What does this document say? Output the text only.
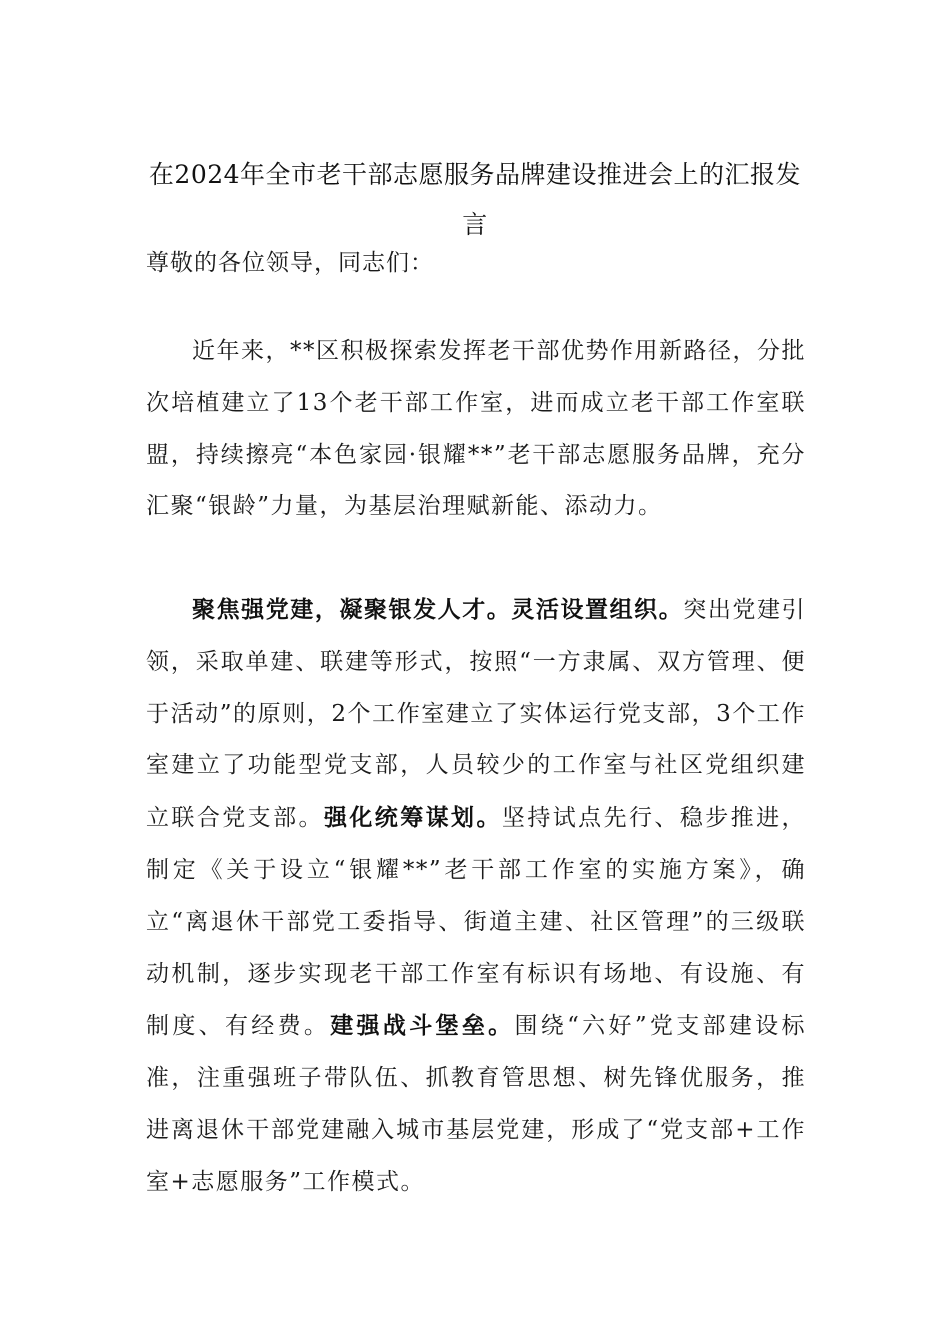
在2024年全市老干部志愿服务品牌建设推进会上的汇报发言
尊敬的各位领导，同志们：
近年来，**区积极探索发挥老干部优势作用新路径，分批次培植建立了13个老干部工作室，进而成立老干部工作室联盟，持续擦亮“本色家园·银耀**”老干部志愿服务品牌，充分汇聚“银龄”力量，为基层治理赋新能、添动力。
聚焦强党建，凝聚银发人才。灵活设置组织。突出党建引领，采取单建、联建等形式，按照“一方隶属、双方管理、便于活动”的原则，2个工作室建立了实体运行党支部，3个工作室建立了功能型党支部，人员较少的工作室与社区党组织建立联合党支部。强化统筹谋划。坚持试点先行、稳步推进，制定《关于设立“银耀**”老干部工作室的实施方案》，确立“离退休干部党工委指导、街道主建、社区管理”的三级联动机制，逐步实现老干部工作室有标识有场地、有设施、有制度、有经费。建强战斗堡垒。围绕“六好”党支部建设标准，注重强班子带队伍、抓教育管思想、树先锋优服务，推进离退休干部党建融入城市基层党建，形成了“党支部+工作室+志愿服务”工作模式。
